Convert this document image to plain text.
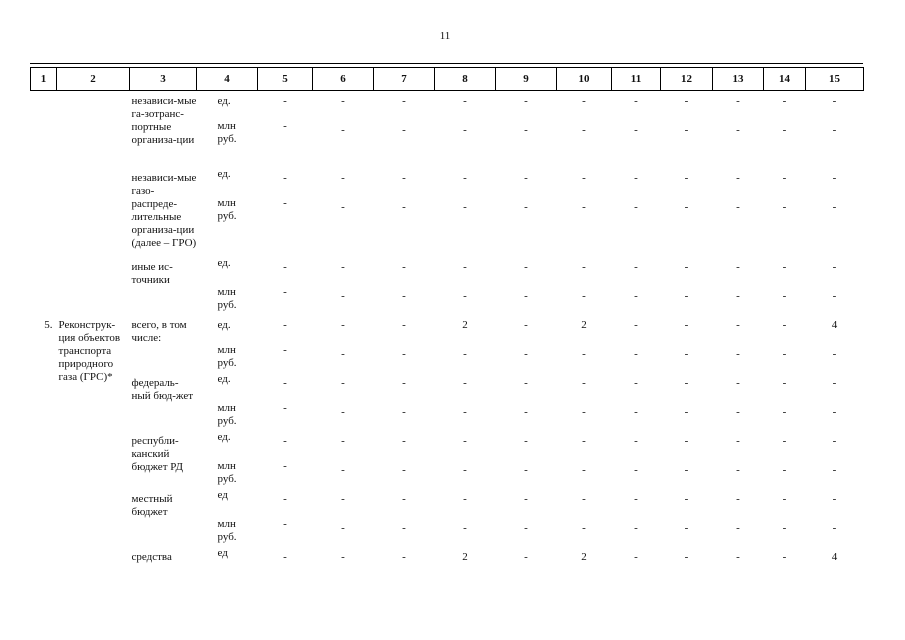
11
1	2	3	4	5	6	7	8	9	10	11	12	13	14	15
		независи-мые га-зотранс-портные организа-ции	ед.	-	-	-	-	-	-	-	-	-	-	-
			млн руб.	-	-	-	-	-	-	-	-	-	-	-
		независи-мые газо-распреде-лительные организа-ции (далее – ГРО)	ед.	-	-	-	-	-	-	-	-	-	-	-
			млн руб.	-	-	-	-	-	-	-	-	-	-	-
		иные ис-точники	ед.	-	-	-	-	-	-	-	-	-	-	-
			млн руб.	-	-	-	-	-	-	-	-	-	-	-
5.	Реконструк-ция объектов транспорта природного газа (ГРС)*	всего, в том числе:	ед.	-	-	-	2	-	2	-	-	-	-	4
			млн руб.	-	-	-	-	-	-	-	-	-	-	-
		федераль-ный бюд-жет	ед.	-	-	-	-	-	-	-	-	-	-	-
			млн руб.	-	-	-	-	-	-	-	-	-	-	-
		республи-канский бюджет РД	ед.	-	-	-	-	-	-	-	-	-	-	-
			млн руб.	-	-	-	-	-	-	-	-	-	-	-
		местный бюджет	ед	-	-	-	-	-	-	-	-	-	-	-
			млн руб.	-	-	-	-	-	-	-	-	-	-	-
		средства	ед	-	-	-	2	-	2	-	-	-	-	4
